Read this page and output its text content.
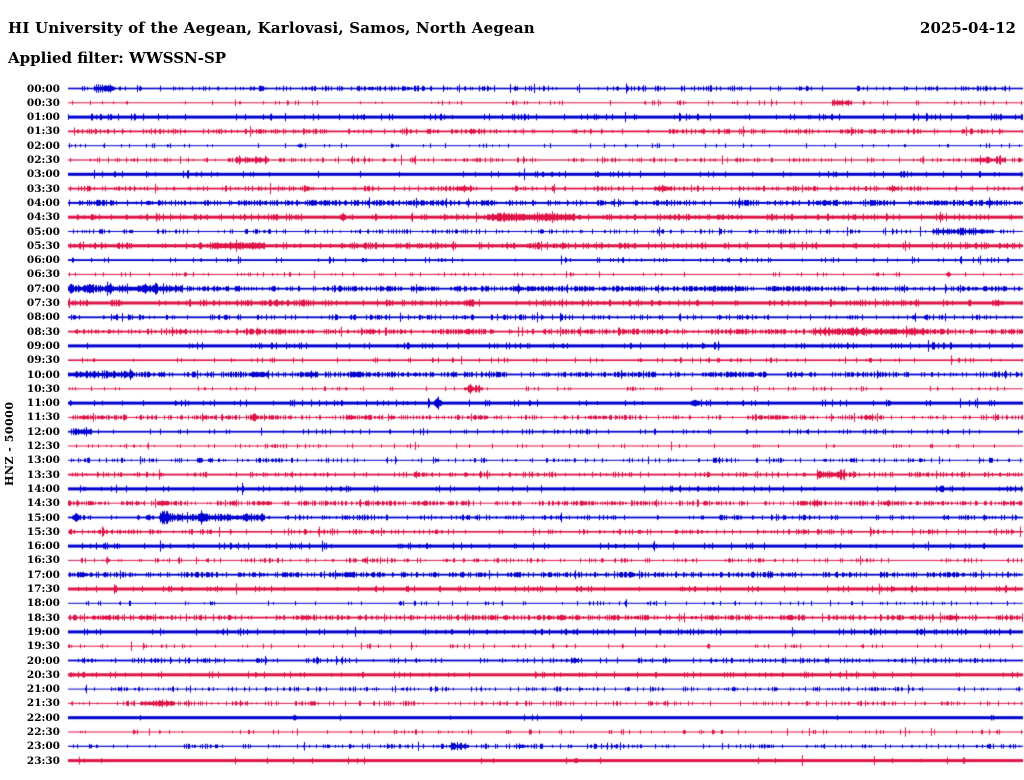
HI University of the Aegean, Karlovasi, Samos, North Aegean	2025-04-12
Applied filter: WWSSN-SP
HNZ - 50000
00:00
00:30
01:00
01:30
02:00
02:30
03:00
03:30
04:00
04:30
05:00
05:30
06:00
06:30
07:00
07:30
08:00
08:30
09:00
09:30
10:00
10:30
11:00
11:30
12:00
12:30
13:00
13:30
14:00
14:30
15:00
15:30
16:00
16:30
17:00
17:30
18:00
18:30
19:00
19:30
20:00
20:30
21:00
21:30
22:00
22:30
23:00
23:30
